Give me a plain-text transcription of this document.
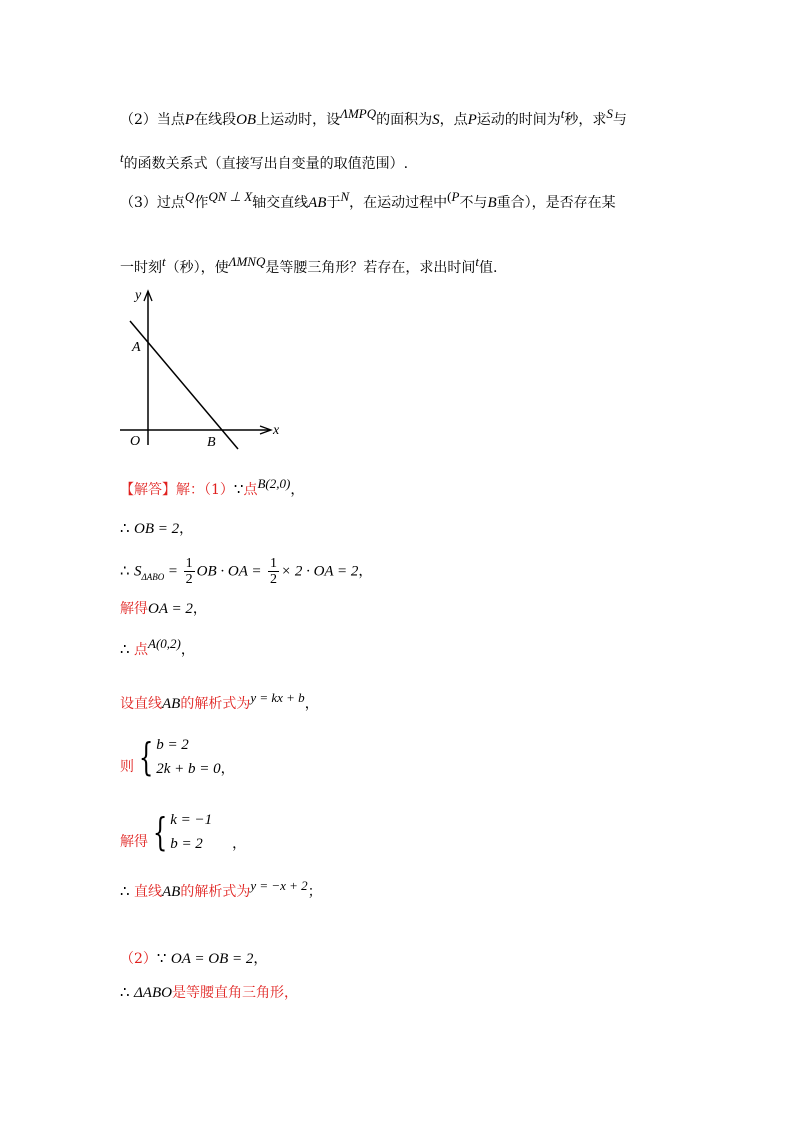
（2）当点P在线段OB上运动时，设ΛMPQ的面积为S，点P运动的时间为t秒，求S与
t的函数关系式（直接写出自变量的取值范围）.
（3）过点Q作QN ⊥ X轴交直线AB于N，在运动过程中(P不与B重合），是否存在某
一时刻t（秒），使ΛMNQ是等腰三角形？若存在，求出时间t值.
y
x
O
A
B
【解答】解：（1）∵点B(2,0)，
∴ OB = 2，
∴ $S_{\Delta ABO} = \frac{1}{2}$ OB · OA = $\frac{1}{2} \times 2$ · OA = 2，
解得OA = 2，
∴ 点A(0,2)，
设直线AB的解析式为y = kx + b，
则 { b = 2
2k + b = 0 ，
解得 { k = −1
b = 2	，
∴ 直线AB的解析式为y = −x + 2；
（2）∵ OA = OB = 2，
∴ ΔABO是等腰直角三角形，
